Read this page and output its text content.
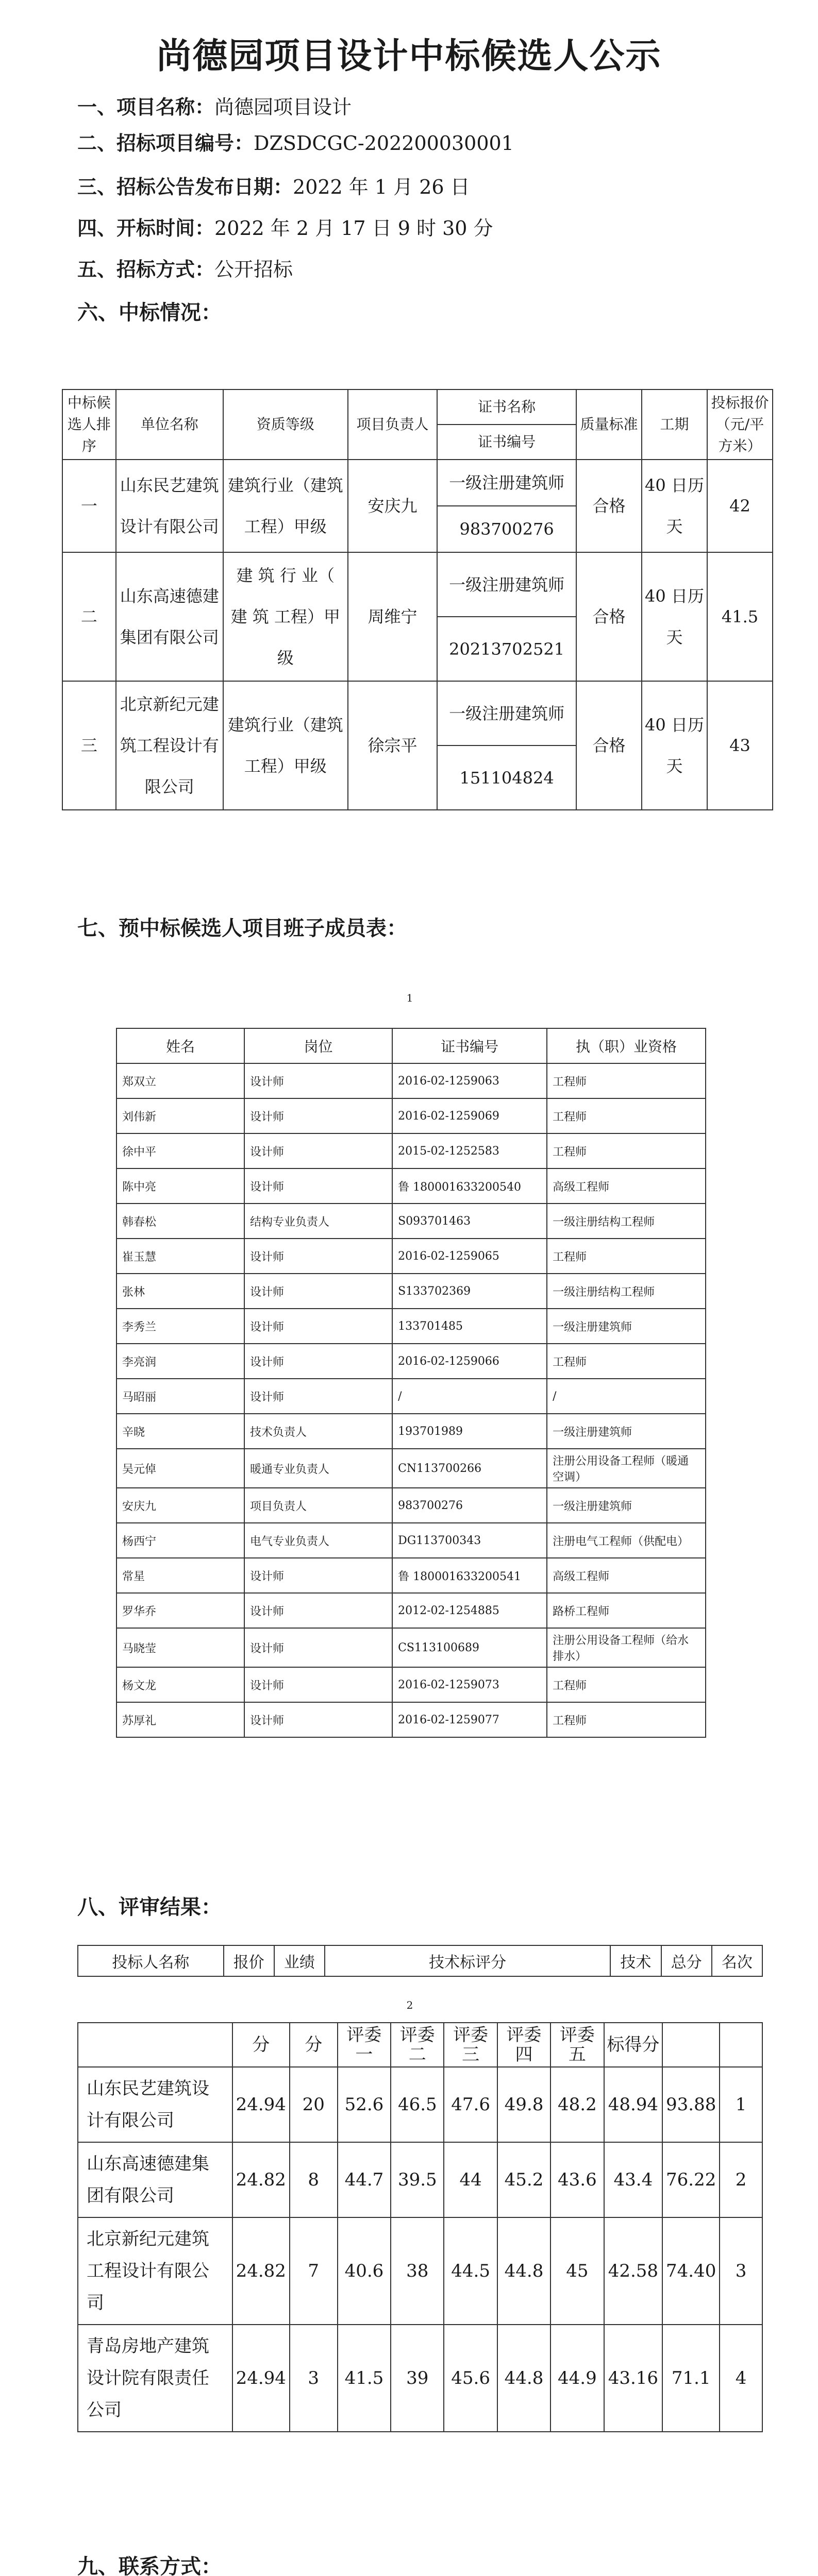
尚德园项目设计中标候选人公示
一、项目名称：尚德园项目设计
二、招标项目编号：DZSDCGC-202200030001
三、招标公告发布日期：2022 年 1 月 26 日
四、开标时间：2022 年 2 月 17 日 9 时 30 分
五、招标方式：公开招标
六、中标情况：
中标候选人排序	单位名称	资质等级	项目负责人	证书名称	质量标准	工期	投标报价（元/平方米）
				证书编号			
一	山东民艺建筑设计有限公司	建筑行业（建筑工程）甲级	安庆九	一级注册建筑师	合格	40 日历天	42
				983700276			
二	山东高速德建集团有限公司	建 筑 行 业（ 建 筑 工程）甲级	周维宁	一级注册建筑师	合格	40 日历天	41.5
				20213702521			
三	北京新纪元建筑工程设计有限公司	建筑行业（建筑工程）甲级	徐宗平	一级注册建筑师	合格	40 日历天	43
				151104824			
七、预中标候选人项目班子成员表：
1
姓名	岗位	证书编号	执（职）业资格
郑双立	设计师	2016-02-1259063	工程师
刘伟新	设计师	2016-02-1259069	工程师
徐中平	设计师	2015-02-1252583	工程师
陈中亮	设计师	鲁 1800016332005​40	高级工程师
韩春松	结构专业负责人	S093701463	一级注册结构工程师
崔玉慧	设计师	2016-02-1259065	工程师
张林	设计师	S133702369	一级注册结构工程师
李秀兰	设计师	133701485	一级注册建筑师
李亮润	设计师	2016-02-1259066	工程师
马昭丽	设计师	/	/
辛晓	技术负责人	193701989	一级注册建筑师
吴元倬	暖通专业负责人	CN113700266	注册公用设备工程师（暖通空调）
安庆九	项目负责人	983700276	一级注册建筑师
杨西宁	电气专业负责人	DG113700343	注册电气工程师（供配电）
常星	设计师	鲁 1800016332005​41	高级工程师
罗华乔	设计师	2012-02-1254885	路桥工程师
马晓莹	设计师	CS113100689	注册公用设备工程师（给水排水）
杨文龙	设计师	2016-02-1259073	工程师
苏厚礼	设计师	2016-02-1259077	工程师
八、评审结果：
投标人名称	报价	业绩	技术标评分	技术	总分	名次
2
	分	分	评委一	评委二	评委三	评委四	评委五	标得分		
山东民艺建筑设计有限公司	24.94	20	52.6	46.5	47.6	49.8	48.2	48.94	93.88	1
山东高速德建集团有限公司	24.82	8	44.7	39.5	44	45.2	43.6	43.4	76.22	2
北京新纪元建筑工程设计有限公司	24.82	7	40.6	38	44.5	44.8	45	42.58	74.40	3
青岛房地产建筑设计院有限责任公司	24.94	3	41.5	39	45.6	44.8	44.9	43.16	71.1	4
九、联系方式：
